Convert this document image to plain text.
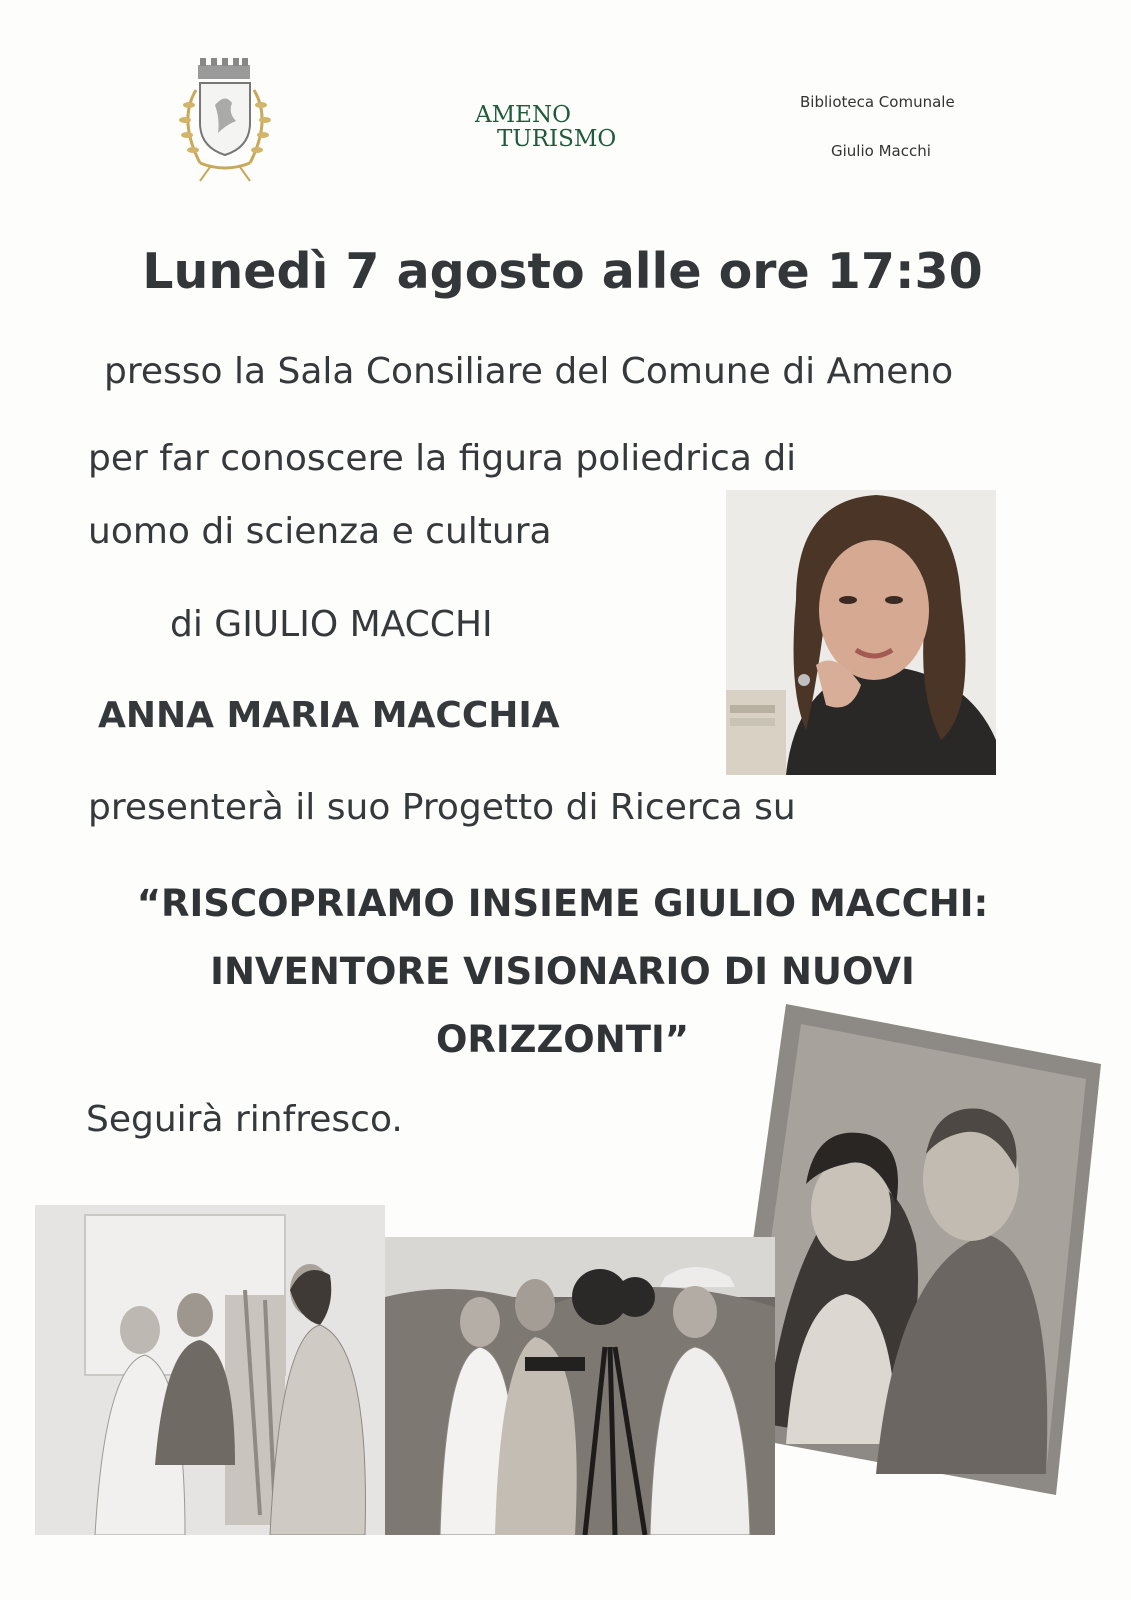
AMENO
TURISMO
Biblioteca Comunale
Giulio Macchi
Lunedì 7 agosto alle ore 17:30
presso la Sala Consiliare del Comune di Ameno
per far conoscere la figura poliedrica di
uomo di scienza e cultura
di GIULIO MACCHI
ANNA MARIA MACCHIA
presenterà il suo Progetto di Ricerca su
“RISCOPRIAMO INSIEME GIULIO MACCHI:
INVENTORE VISIONARIO DI NUOVI
ORIZZONTI”
Seguirà rinfresco.
